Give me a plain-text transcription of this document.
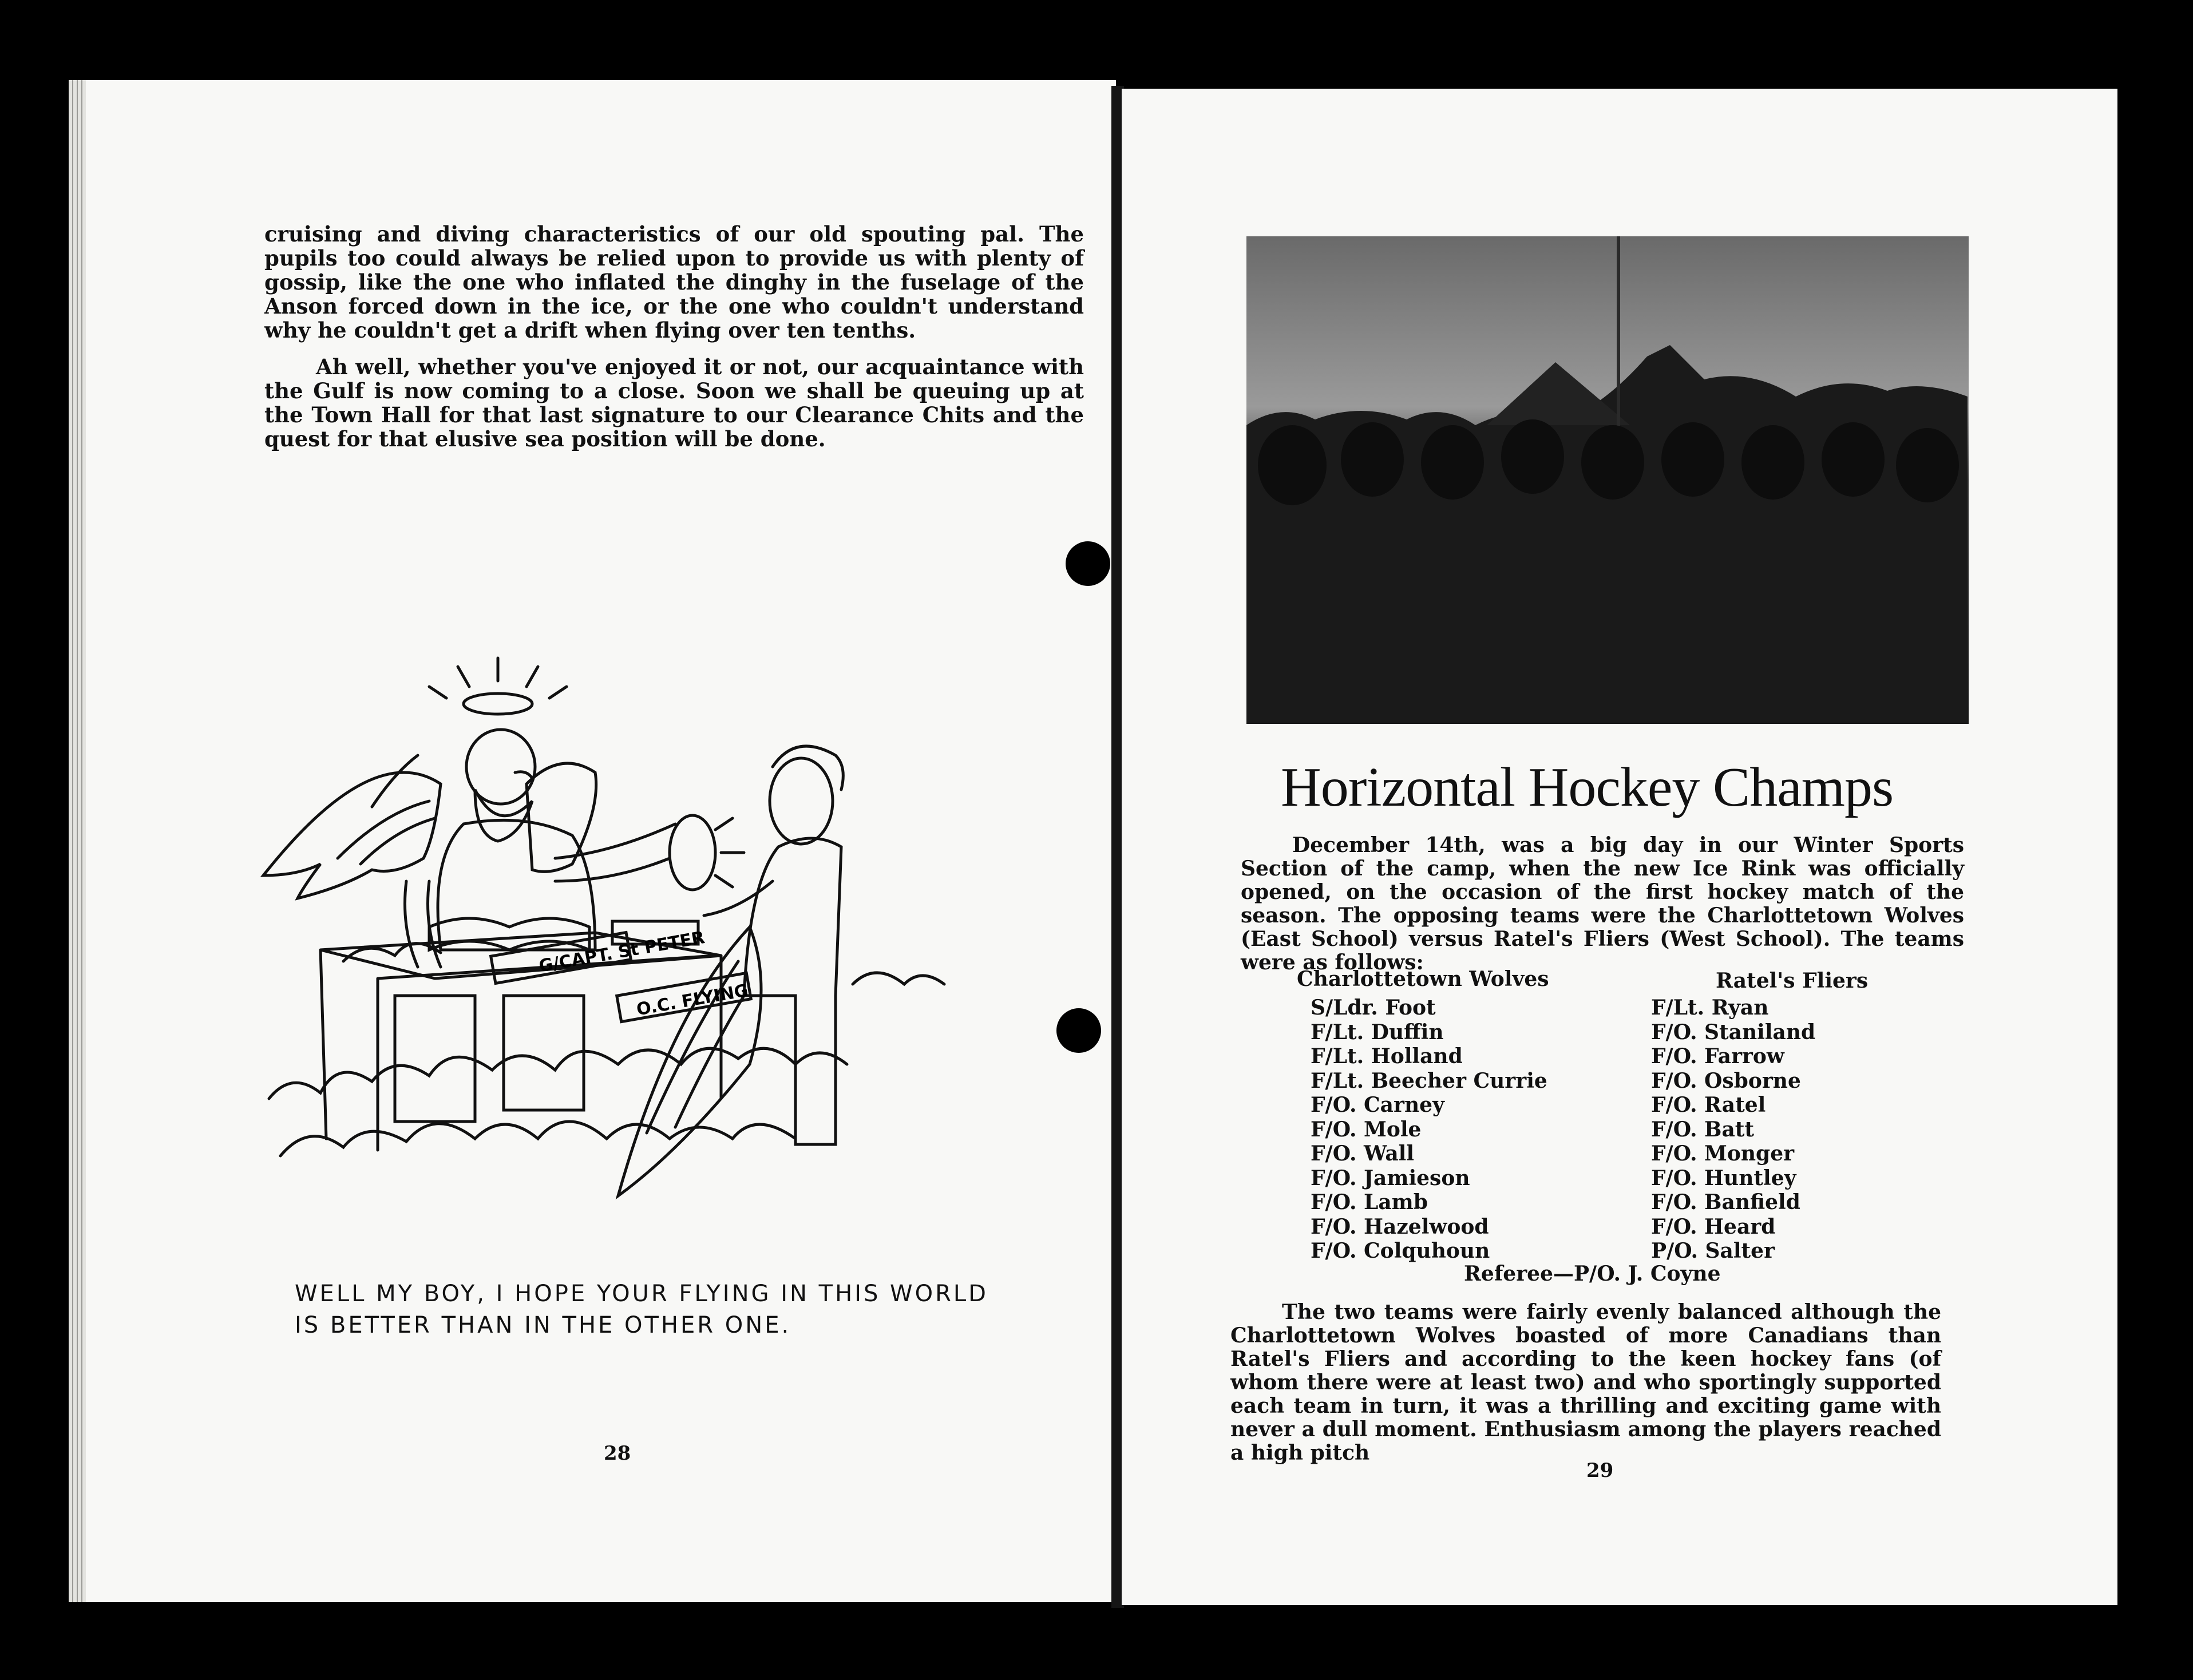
cruising and diving characteristics of our old spouting pal. The pupils too could always be relied upon to provide us with plenty of gossip, like the one who inflated the dinghy in the fuselage of the Anson forced down in the ice, or the one who couldn't understand why he couldn't get a drift when flying over ten tenths.

Ah well, whether you've enjoyed it or not, our acquaintance with the Gulf is now coming to a close. Soon we shall be queuing up at the Town Hall for that last signature to our Clearance Chits and the quest for that elusive sea position will be done.

G/CAPT. St PETER
O.C. FLYING
WELL MY BOY, I HOPE YOUR FLYING IN THIS WORLD
IS BETTER THAN IN THE OTHER ONE.
28
Horizontal Hockey Champs

December 14th, was a big day in our Winter Sports Section of the camp, when the new Ice Rink was officially opened, on the occasion of the first hockey match of the season. The opposing teams were the Charlottetown Wolves (East School) versus Ratel's Fliers (West School). The teams were as follows:

Charlottetown Wolves	Ratel's Fliers
S/Ldr. Foot
F/Lt. Duffin
F/Lt. Holland
F/Lt. Beecher Currie
F/O. Carney
F/O. Mole
F/O. Wall
F/O. Jamieson
F/O. Lamb
F/O. Hazelwood
F/O. Colquhoun
F/Lt. Ryan
F/O. Staniland
F/O. Farrow
F/O. Osborne
F/O. Ratel
F/O. Batt
F/O. Monger
F/O. Huntley
F/O. Banfield
F/O. Heard
P/O. Salter
Referee—P/O. J. Coyne

The two teams were fairly evenly balanced although the Charlottetown Wolves boasted of more Canadians than Ratel's Fliers and according to the keen hockey fans (of whom there were at least two) and who sportingly supported each team in turn, it was a thrilling and exciting game with never a dull moment. Enthusiasm among the players reached a high pitch

29
